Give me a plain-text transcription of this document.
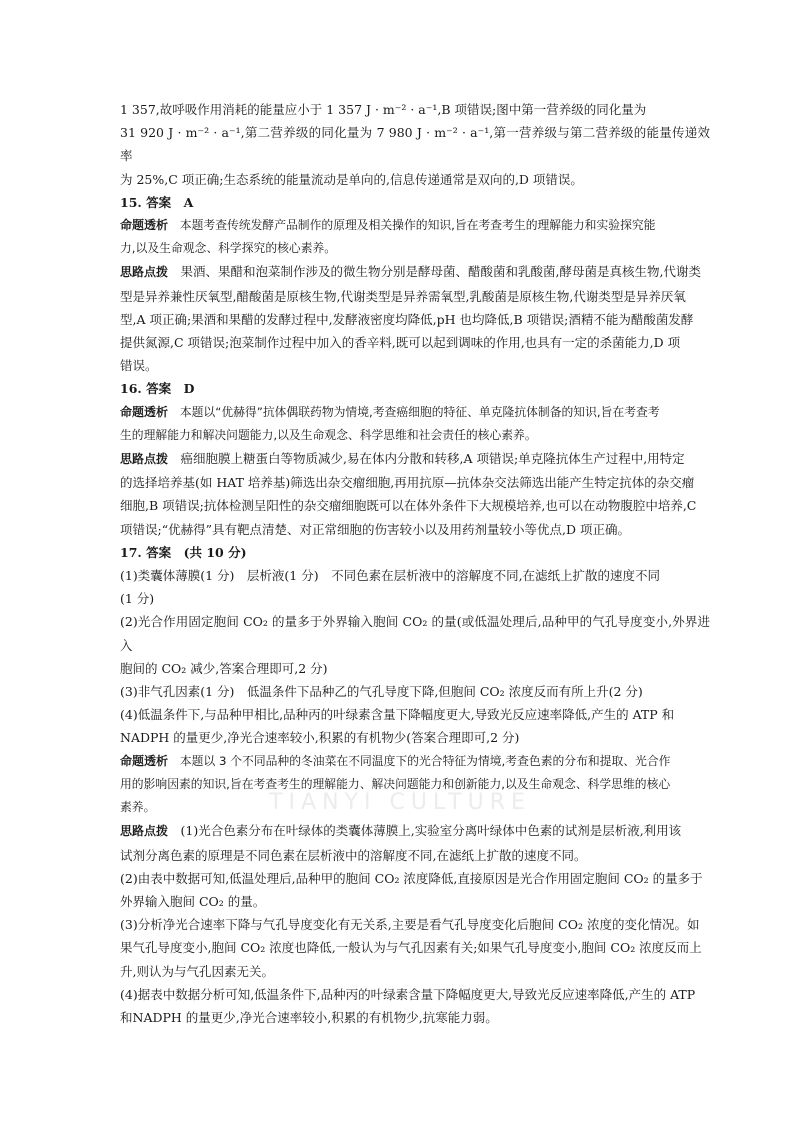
1 357,故呼吸作用消耗的能量应小于 1 357 J · m⁻² · a⁻¹,B 项错误;图中第一营养级的同化量为

31 920 J · m⁻² · a⁻¹,第二营养级的同化量为 7 980 J · m⁻² · a⁻¹,第一营养级与第二营养级的能量传递效率

为 25%,C 项正确;生态系统的能量流动是单向的,信息传递通常是双向的,D 项错误。

15. 答案　A

命题透析　 本题考查传统发酵产品制作的原理及相关操作的知识,旨在考查考生的理解能力和实验探究能

力,以及生命观念、科学探究的核心素养。

思路点拨　 果酒、果醋和泡菜制作涉及的微生物分别是酵母菌、醋酸菌和乳酸菌,酵母菌是真核生物,代谢类

型是异养兼性厌氧型,醋酸菌是原核生物,代谢类型是异养需氧型,乳酸菌是原核生物,代谢类型是异养厌氧

型,A 项正确;果酒和果醋的发酵过程中,发酵液密度均降低,pH 也均降低,B 项错误;酒精不能为醋酸菌发酵

提供氮源,C 项错误;泡菜制作过程中加入的香辛料,既可以起到调味的作用,也具有一定的杀菌能力,D 项

错误。

16. 答案　D

命题透析　 本题以“优赫得”抗体偶联药物为情境,考查癌细胞的特征、单克隆抗体制备的知识,旨在考查考

生的理解能力和解决问题能力,以及生命观念、科学思维和社会责任的核心素养。

思路点拨　 癌细胞膜上糖蛋白等物质减少,易在体内分散和转移,A 项错误;单克隆抗体生产过程中,用特定

的选择培养基(如 HAT 培养基)筛选出杂交瘤细胞,再用抗原—抗体杂交法筛选出能产生特定抗体的杂交瘤

细胞,B 项错误;抗体检测呈阳性的杂交瘤细胞既可以在体外条件下大规模培养,也可以在动物腹腔中培养,C

项错误;“优赫得”具有靶点清楚、对正常细胞的伤害较小以及用药剂量较小等优点,D 项正确。

17. 答案　(共 10 分)

(1)类囊体薄膜(1 分)　层析液(1 分)　不同色素在层析液中的溶解度不同,在滤纸上扩散的速度不同

(1 分)

(2)光合作用固定胞间 CO₂ 的量多于外界输入胞间 CO₂ 的量(或低温处理后,品种甲的气孔导度变小,外界进入

胞间的 CO₂ 减少,答案合理即可,2 分)

(3)非气孔因素(1 分)　低温条件下品种乙的气孔导度下降,但胞间 CO₂ 浓度反而有所上升(2 分)

(4)低温条件下,与品种甲相比,品种丙的叶绿素含量下降幅度更大,导致光反应速率降低,产生的 ATP 和

NADPH 的量更少,净光合速率较小,积累的有机物少(答案合理即可,2 分)

命题透析　 本题以 3 个不同品种的冬油菜在不同温度下的光合特征为情境,考查色素的分布和提取、光合作

用的影响因素的知识,旨在考查考生的理解能力、解决问题能力和创新能力,以及生命观念、科学思维的核心

素养。

思路点拨　 (1)光合色素分布在叶绿体的类囊体薄膜上,实验室分离叶绿体中色素的试剂是层析液,利用该

试剂分离色素的原理是不同色素在层析液中的溶解度不同,在滤纸上扩散的速度不同。

(2)由表中数据可知,低温处理后,品种甲的胞间 CO₂ 浓度降低,直接原因是光合作用固定胞间 CO₂ 的量多于

外界输入胞间 CO₂ 的量。

(3)分析净光合速率下降与气孔导度变化有无关系,主要是看气孔导度变化后胞间 CO₂ 浓度的变化情况。如

果气孔导度变小,胞间 CO₂ 浓度也降低,一般认为与气孔因素有关;如果气孔导度变小,胞间 CO₂ 浓度反而上

升,则认为与气孔因素无关。

(4)据表中数据分析可知,低温条件下,品种丙的叶绿素含量下降幅度更大,导致光反应速率降低,产生的 ATP

和NADPH 的量更少,净光合速率较小,积累的有机物少,抗寒能力弱。

TIANYI CULTURE
